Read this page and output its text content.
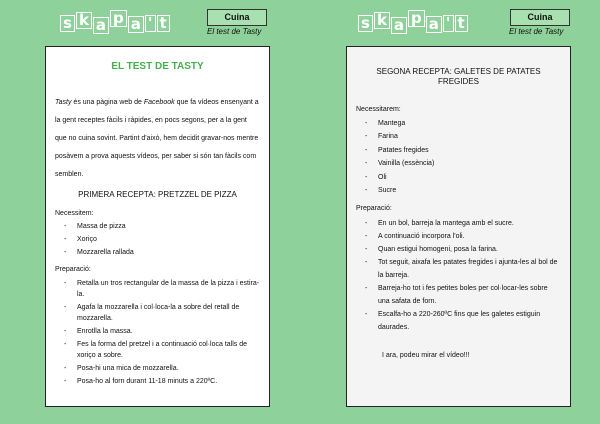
s k a p a ' t	Cuina
El test de Tasty
EL TEST DE TASTY
Tasty és una pàgina web de Facebook que fa vídeos ensenyant a la gent receptes fàcils i ràpides, en pocs segons, per a la gent que no cuina sovint. Partint d'això, hem decidit gravar-nos mentre posàvem a prova aquests vídeos, per saber si són tan fàcils com semblen.
PRIMERA RECEPTA: PRETZZEL DE PIZZA
Necessitem:
- Massa de pizza
- Xoriço
- Mozzarella rallada
Preparació:
- Retalla un tros rectangular de la massa de la pizza i estira-la.
- Agafa la mozzarella i col·loca-la a sobre del retall de mozzarella.
- Enrotlla la massa.
- Fes la forma del pretzel i a continuació col·loca talls de xoriço a sobre.
- Posa-hi una mica de mozzarella.
- Posa-ho al forn durant 11-18 minuts a 220ºC.
s k a p a ' t	Cuina
El test de Tasty
SEGONA RECEPTA: GALETES DE PATATES FREGIDES
Necessitarem:
- Mantega
- Farina
- Patates fregides
- Vainilla (essència)
- Oli
- Sucre
Preparació:
- En un bol, barreja la mantega amb el sucre.
- A continuació incorpora l'oli.
- Quan estigui homogeni, posa la farina.
- Tot seguit, aixafa les patates fregides i ajunta-les al bol de la barreja.
- Barreja-ho tot i fes petites boles per col·locar-les sobre una safata de forn.
- Escalfa-ho a 220-260ºC fins que les galetes estiguin daurades.
I ara, podeu mirar el vídeo!!!
